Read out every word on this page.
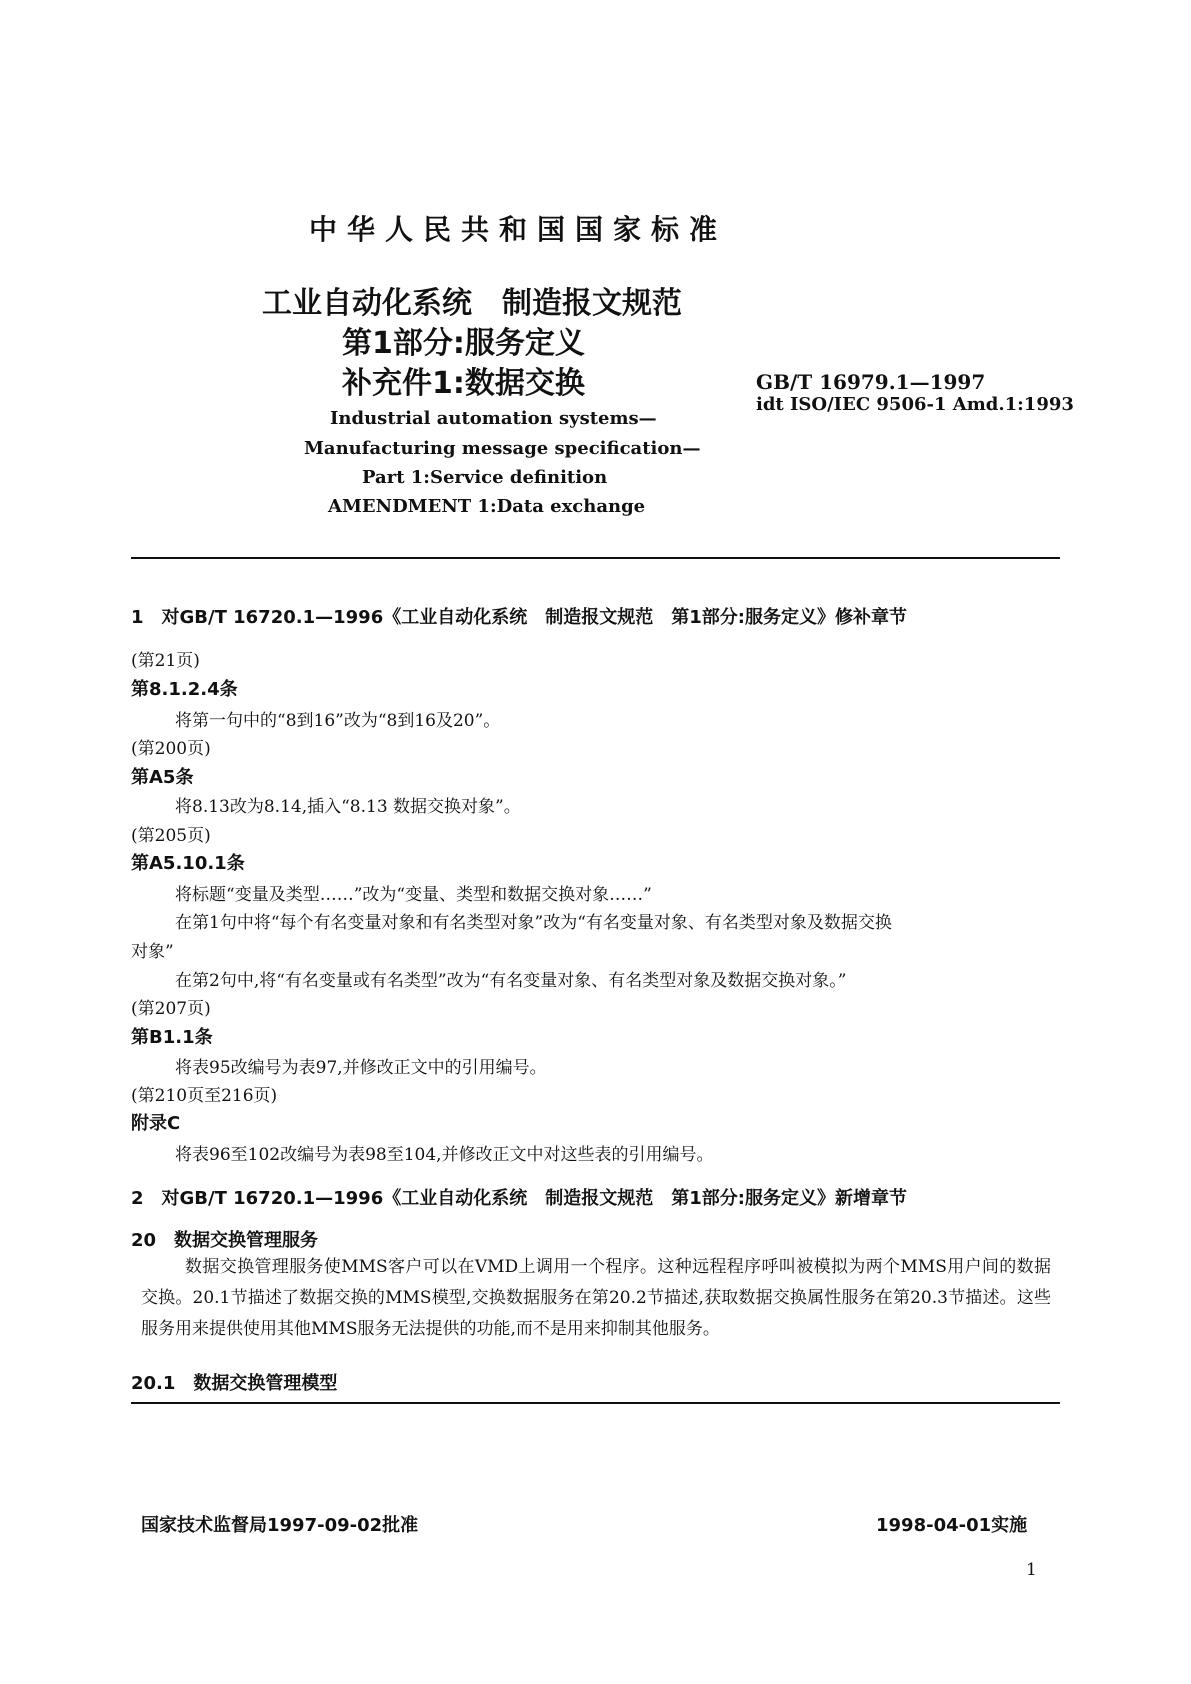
中华人民共和国国家标准
工业自动化系统　制造报文规范
第1部分:服务定义
补充件1:数据交换	GB/T 16979.1—1997
idt ISO/IEC 9506-1 Amd.1:1993
Industrial automation systems—
Manufacturing message specification—
Part 1:Service definition
AMENDMENT 1:Data exchange
1　对GB/T 16720.1—1996《工业自动化系统　制造报文规范　第1部分:服务定义》修补章节
(第21页)
第8.1.2.4条
将第一句中的“8到16”改为“8到16及20”。
(第200页)
第A5条
将8.13改为8.14,插入“8.13 数据交换对象”。
(第205页)
第A5.10.1条
将标题“变量及类型……”改为“变量、类型和数据交换对象……”
在第1句中将“每个有名变量对象和有名类型对象”改为“有名变量对象、有名类型对象及数据交换
对象”
在第2句中,将“有名变量或有名类型”改为“有名变量对象、有名类型对象及数据交换对象。”
(第207页)
第B1.1条
将表95改编号为表97,并修改正文中的引用编号。
(第210页至216页)
附录C
将表96至102改编号为表98至104,并修改正文中对这些表的引用编号。
2　对GB/T 16720.1—1996《工业自动化系统　制造报文规范　第1部分:服务定义》新增章节
20　数据交换管理服务
数据交换管理服务使MMS客户可以在VMD上调用一个程序。这种远程程序呼叫被模拟为两个MMS用户间的数据交换。20.1节描述了数据交换的MMS模型,交换数据服务在第20.2节描述,获取数据交换属性服务在第20.3节描述。这些服务用来提供使用其他MMS服务无法提供的功能,而不是用来抑制其他服务。
20.1　数据交换管理模型
国家技术监督局1997-09-02批准	1998-04-01实施
1
